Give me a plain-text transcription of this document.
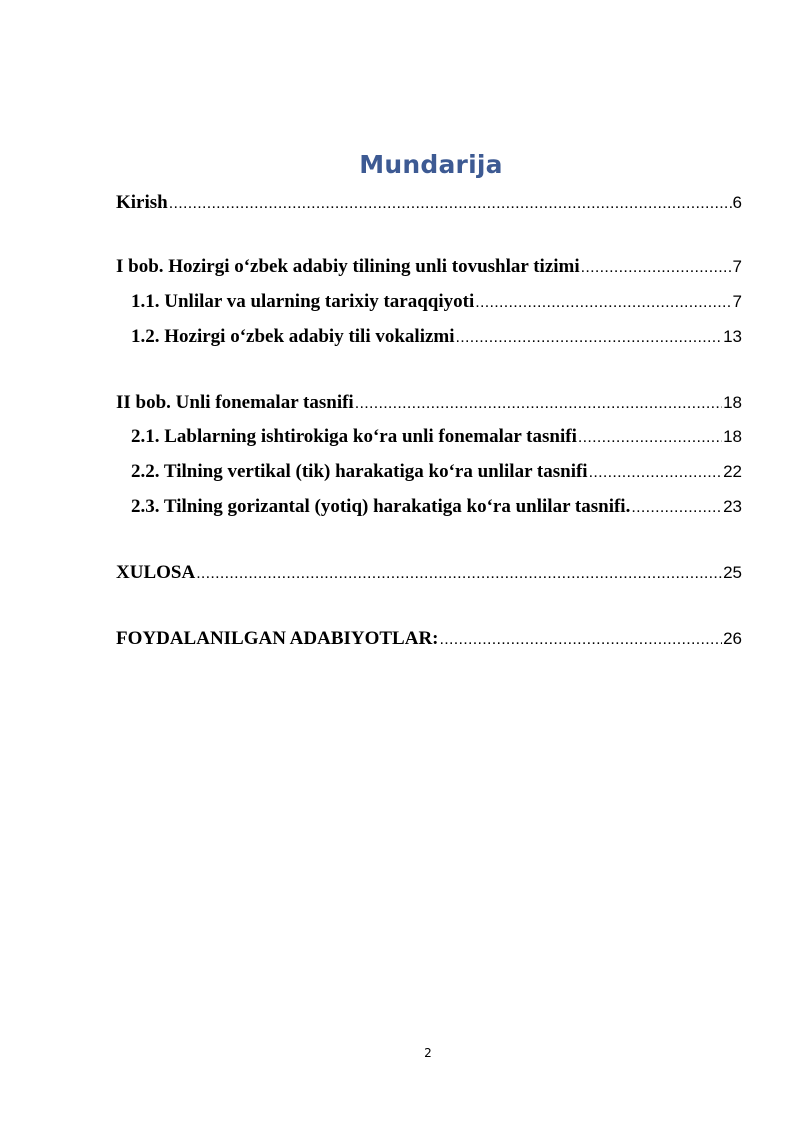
Mundarija
Kirish .....	6
I bob. Hozirgi o‘zbek adabiy tilining unli tovushlar tizimi .....	7
1.1. Unlilar va ularning tarixiy taraqqiyoti .....	7
1.2. Hozirgi o‘zbek adabiy tili vokalizmi .....	13
II bob. Unli fonemalar tasnifi .....	18
2.1. Lablarning ishtirokiga ko‘ra unli fonemalar tasnifi .....	18
2.2. Tilning vertikal (tik) harakatiga ko‘ra unlilar tasnifi .....	22
2.3. Tilning gorizantal (yotiq) harakatiga ko‘ra unlilar tasnifi. .....	23
XULOSA .....	25
FOYDALANILGAN ADABIYOTLAR: .....	26
2
